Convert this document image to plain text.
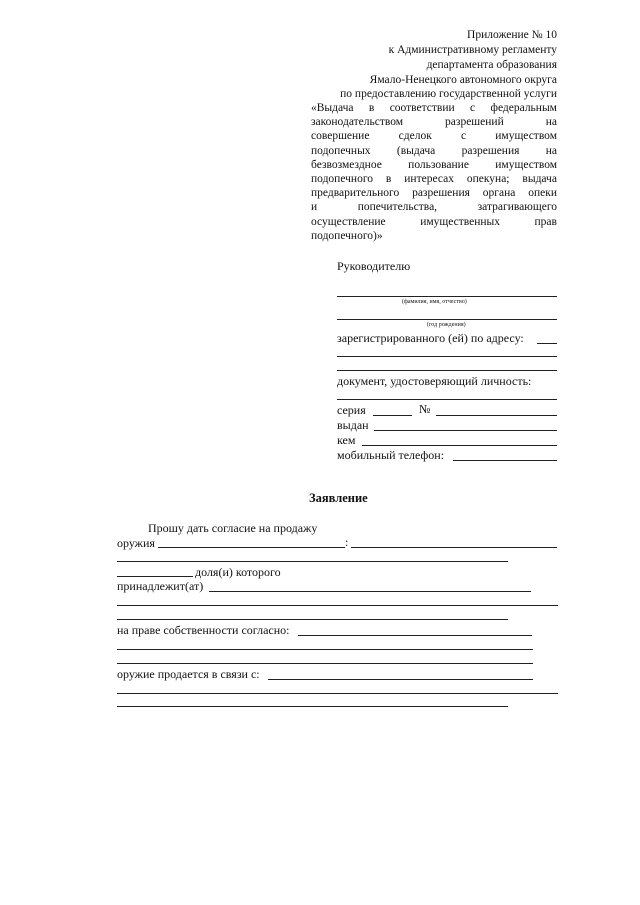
Приложение № 10
к Административному регламенту
департамента образования
Ямало-Ненецкого автономного округа
по предоставлению государственной услуги
«Выдача в соответствии с федеральным
законодательством	разрешений	на
совершение	сделок	с	имуществом
подопечных (выдача разрешения на
безвозмездное пользование имуществом
подопечного в интересах опекуна; выдача
предварительного разрешения органа опеки
и	попечительства,	затрагивающего
осуществление	имущественных	прав
подопечного)»
Руководителю
(фамилия, имя, отчество)
(год рождения)
зарегистрированного (ей) по адресу:
документ, удостоверяющий личность:
серия	№
выдан
кем
мобильный телефон:
Заявление
Прошу дать согласие на продажу
оружия	:
доля(и) которого
принадлежит(ат)
на праве собственности согласно:
оружие продается в связи с:
